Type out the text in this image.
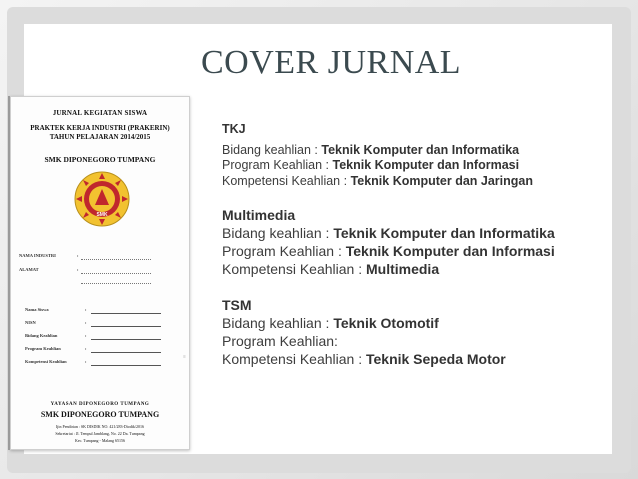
COVER JURNAL
JURNAL KEGIATAN SISWA
PRAKTEK KERJA INDUSTRI (PRAKERIN)
TAHUN PELAJARAN 2014/2015
SMK DIPONEGORO TUMPANG
SMK
NAMA INDUSTRI	:
ALAMAT	:
Nama Siswa	:
NISN	:
Bidang Keahlian	:
Program Keahlian	:
Kompetensi Keahlian	:
≡
YAYASAN DIPONEGORO TUMPANG
SMK DIPONEGORO TUMPANG
Ijin Pendirian : SK DISDIK NO. 421/283-Diodik/2016
Sekretariat : Jl. Tempul Jamblang, No. 22 Da. Tumpang
Kec. Tumpang - Malang 65156
TKJ
Bidang keahlian : Teknik Komputer dan Informatika
Program Keahlian : Teknik Komputer dan Informasi
Kompetensi Keahlian : Teknik Komputer dan Jaringan
Multimedia
Bidang keahlian : Teknik Komputer dan Informatika
Program Keahlian : Teknik Komputer dan Informasi
Kompetensi Keahlian : Multimedia
TSM
Bidang keahlian : Teknik Otomotif
Program Keahlian:
Kompetensi Keahlian : Teknik Sepeda Motor
